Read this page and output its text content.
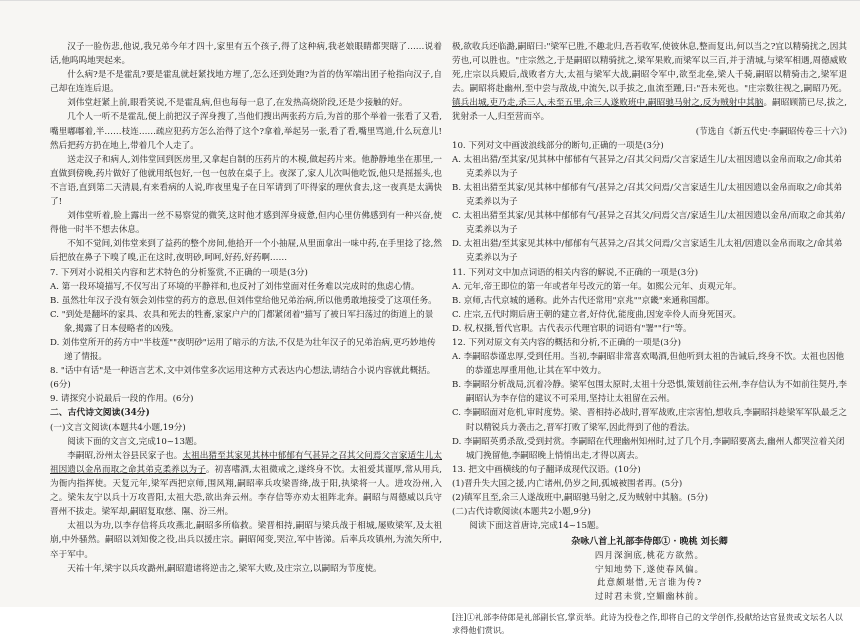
汉子一脸伤悲,他说,我兄弟今年才四十,家里有五个孩子,得了这种病,我老娘眼睛都哭瞎了……说着话,他呜呜地哭起来。

什么病?是不是霍乱?要是霍乱就赶紧找地方埋了,怎么还到处跑?为首的伪军端出团子枪指向汉子,自己却在连连后退。

刘伟堂赶紧上前,眼看笑说,不是霍乱病,但也每每一息了,在发热高烧阶段,还是少接触的好。

几个人一听不是霍乱,便上前把汉子浑身搜了,当他们搜出两张药方后,为首的那个举着一张看了又看,嘴里嘟嘟着,半……枝连……疏应犯药方怎么治得了这个?拿着,举起另一张,看了看,嘴里骂道,什么玩意儿!然后把药方扔在地上,带着几个人走了。

送走汉子和病人,刘伟堂回到医房里,又拿起自制的压药片的木模,做起药片来。他静静地坐在那里,一直做到傍晚,药片做好了他就用纸包好,一包一包放在桌子上。夜深了,家人儿次叫他吃饭,他只是摇摇头,也不言语,直到第二天清晨,有来看病的人说,昨夜里鬼子在日军请到了吓得家的理伙食去,这一夜真是太满快了!

刘伟堂听着,脸上露出一丝不易察觉的微笑,这时他才感到浑身疲惫,但内心里仿佛感到有一种兴奋,使得他一时半不想去休息。

不知不觉间,刘伟堂来到了益药的整个房间,他拾开一个小抽屉,从里面拿出一味中药,在手里捻了捻,然后把放在鼻子下嗅了嗅,正在这时,夜明砂,呵呵,好药,好药啊……

7. 下列对小说相关内容和艺术特色的分析鉴赏,不正确的一项是(3分)

A. 第一段环境描写,不仅写出了环境的平静祥和,也反衬了刘伟堂面对任务难以完成时的焦虑心情。

B. 虽然壮年汉子没有领会刘伟堂的药方的意思,但刘伟堂给他兄弟治病,所以他勇敢地接受了这项任务。

C. "到处是翻坏的家具、农具和死去的牲畜,家家户户的门都紧闭着"描写了被日军扫荡过的街道上的景象,揭露了日本侵略者的凶残。

D. 刘伟堂所开的药方中"半枝莲""夜明砂"运用了暗示的方法,不仅是为壮年汉子的兄弟治病,更巧妙地传递了情报。

8. "话中有话"是一种语言艺术,文中刘伟堂多次运用这种方式表达内心想法,请结合小说内容就此概括。(6分)

9. 请探究小说最后一段的作用。(6分)

二、古代诗文阅读(34分)

(一)文言文阅读(本题共4小题,19分)

阅读下面的文言文,完成10~13题。

李嗣昭,汾州太谷县民家子也。太祖出猎至其家见其林中郁郁有气甚异之召其父问焉父言家适生儿太祖因遗以金帛而取之命其弟克柔养以为子。初喜嗜酒,太祖微戒之,遂终身不饮。太祖爱其谨厚,常从用兵,为衙内指挥使。天复元年,梁军西把京师,围风翔,嗣昭率兵攻梁晋绛,战于阳,执梁将一人。进攻汾州,入之。梁朱友宁以兵十万攻晋阳,太祖大恐,欲出奔云州。李存信等亦劝太祖阵北奔。嗣昭与周德威以兵守晋州不拔走。梁军却,嗣昭复取慈、隰、汾三州。

太祖以为功,以李存信将兵攻燕北,嗣昭多所临救。梁晋相持,嗣昭与梁兵战于相城,屡败梁军,及太祖崩,中外骚然。嗣昭以刘知俊之役,出兵以援庄宗。嗣昭闻变,哭泣,军中皆涕。后率兵攻镇州,为流矢所中,卒于军中。

天祐十年,梁宇以兵攻潞州,嗣昭遣诸将逆击之,梁军大败,及庄宗立,以嗣昭为节度使。

极,欲收兵还临潞,嗣昭曰:"梁军已胜,不趣北归,吾若收军,使彼休息,整而复出,何以当之?宜以精骑扰之,因其劳也,可以胜也。"庄宗然之,于是嗣昭以精骑扰之,梁军果败,而梁军以三百,并于清城,与梁军相遇,周德威败死,庄宗以兵殿后,战败者方大,太祖与梁军大战,嗣昭令军中,欲至北垒,梁人千骑,嗣昭以精骑击之,梁军退去。嗣昭将赴幽州,至中尝与敌战,中流矢,以手拔之,血流至踵,曰:"吾未死也。"庄宗数往视之,嗣昭乃死。镇兵出城,吏乃走,杀三人,未至五里,余三人遂败班中,嗣昭驰马射之,反为贼射中其脑。嗣昭顾箭已尽,拔之,犹射杀一人,归至营而卒。

(节选自《新五代史·李嗣昭传卷三十六》)

10. 下列对文中画波浪线部分的断句,正确的一项是(3分)

A. 太祖出猎/至其家/见其林中郁郁有气甚异之/召其父问焉/父言家适生儿/太祖因遗以金帛而取之/命其弟克柔养以为子

B. 太祖出猎至其家/见其林中郁郁有气/甚异之/召其父问焉/父言家适生儿/太祖因遗以金帛而取之/命其弟克柔养以为子

C. 太祖出猎至其家/见其林中郁郁有气/甚异之召其父/问焉父言/家适生儿/太祖因遗以金帛/而取之命其弟/克柔养以为子

D. 太祖出猎/至其家见其林中/郁郁有气甚异之/召其父问焉/父言家适生儿太祖/因遗以金帛而取之/命其弟克柔养以为子

11. 下列对文中加点词语的相关内容的解说,不正确的一项是(3分)

A. 元年,帝王即位的第一年或者年号改元的第一年。如熙公元年、贞观元年。

B. 京师,古代京城的通称。此外古代还常用"京兆""京畿"来通称国都。

C. 庄宗,五代时期后唐王朝的建立者,好侍优,能度曲,因宠幸伶人而身死国灭。

D. 权,权摄,暂代官职。古代表示代理官职的词语有"署""行"等。

12. 下列对原文有关内容的概括和分析,不正确的一项是(3分)

A. 李嗣昭恭谨忠厚,受到任用。当初,李嗣昭非常喜欢喝酒,但他听到太祖的告诫后,终身不饮。太祖也因他的恭谨忠厚重用他,让其在军中效力。

B. 李嗣昭分析战局,沉着冷静。梁军包围太原时,太祖十分恐惧,策划前往云州,李存信认为不如前往契丹,李嗣昭认为李存信的建议不可采用,坚持让太祖留在云州。

C. 李嗣昭面对危机,审时度势。梁、晋相持必战时,晋军战败,庄宗害怕,想收兵,李嗣昭抖趁梁军军队最乏之时以精锐兵力袭击之,晋军打败了梁军,因此得到了他的看法。

D. 李嗣昭英勇杀敌,受到封赏。李嗣昭在代理幽州知州时,过了几个月,李嗣昭要离去,幽州人都哭泣着关闭城门挽留他,李嗣昭晚上悄悄出走,才得以离去。

13. 把文中画横线的句子翻译成现代汉语。(10分)

(1)晋升失大国之援,内亡诸州,仍岁之间,孤城被围者再。(5分)

(2)镇军且至,余三人遂战班中,嗣昭驰马射之,反为贼射中其脑。(5分)

(二)古代诗歌阅读(本题共2小题,9分)

阅读下面这首唐诗,完成14~15题。

杂咏八首上礼部李侍郎① · 晚桃 刘长卿

四月深涧底,桃花方欲然。

宁知地势下,遂使春风偏。

此意颇堪惜,无言谁为传?

过时君未赏,空媚幽林前。

[注]①礼部李侍郎是礼部副长官,掌贡举。此诗为投卷之作,即将自己的文学创作,投献给达官显贵或文坛名人以求得他们赏识。
